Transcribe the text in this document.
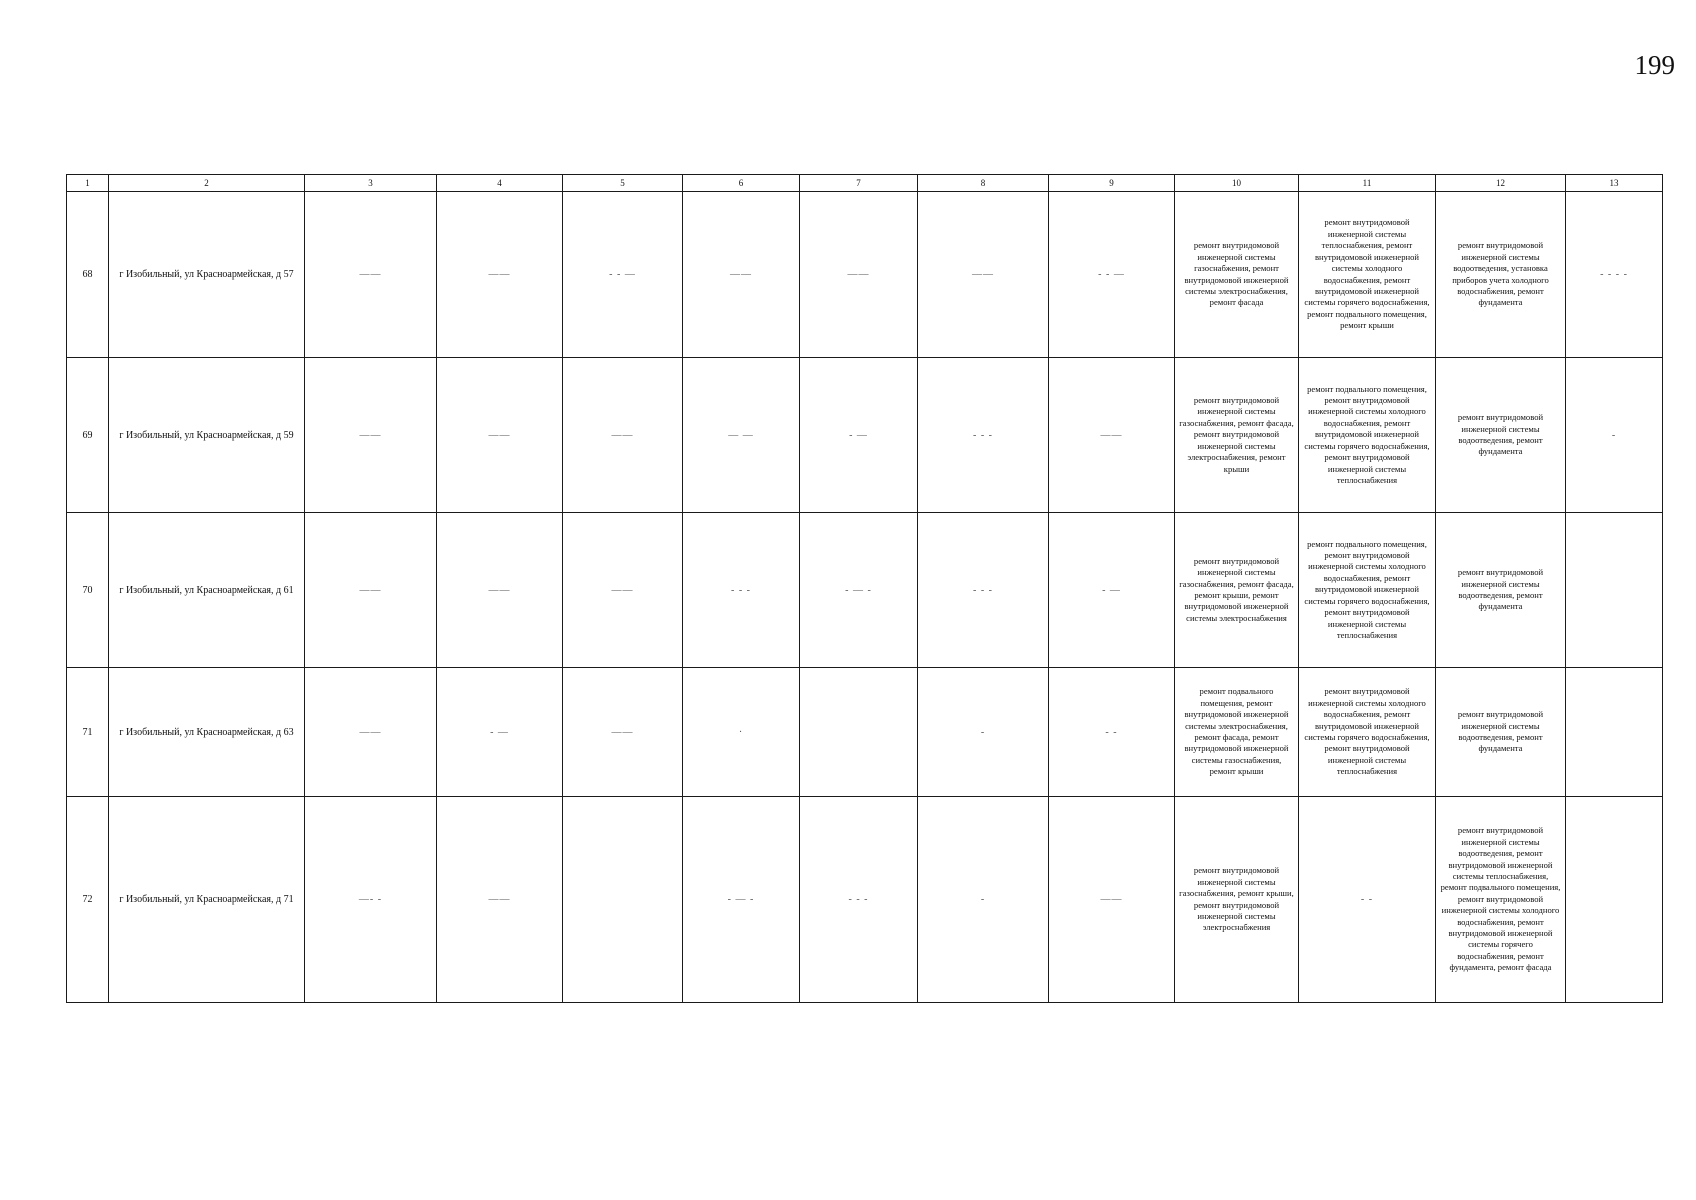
199
1	2	3	4	5	6	7	8	9	10	11	12	13
68	г Изобильный, ул Красноармейская, д 57	——	——	- - —	——	——	——	- - —	ремонт внутридомовой инженерной системы газоснабжения, ремонт внутридомовой инженерной системы электроснабжения, ремонт фасада	ремонт внутридомовой инженерной системы теплоснабжения, ремонт внутридомовой инженерной системы холодного водоснабжения, ремонт внутридомовой инженерной системы горячего водоснабжения, ремонт подвального помещения, ремонт крыши	ремонт внутридомовой инженерной системы водоотведения, установка приборов учета холодного водоснабжения, ремонт фундамента	- - - -
69	г Изобильный, ул Красноармейская, д 59	——	——	——	— —	- —	- - -	——	ремонт внутридомовой инженерной системы газоснабжения, ремонт фасада, ремонт внутридомовой инженерной системы электроснабжения, ремонт крыши	ремонт подвального помещения, ремонт внутридомовой инженерной системы холодного водоснабжения, ремонт внутридомовой инженерной системы горячего водоснабжения, ремонт внутридомовой инженерной системы теплоснабжения	ремонт внутридомовой инженерной системы водоотведения, ремонт фундамента	-
70	г Изобильный, ул Красноармейская, д 61	——	——	——	- - -	- — -	- - -	- —	ремонт внутридомовой инженерной системы газоснабжения, ремонт фасада, ремонт крыши, ремонт внутридомовой инженерной системы электроснабжения	ремонт подвального помещения, ремонт внутридомовой инженерной системы холодного водоснабжения, ремонт внутридомовой инженерной системы горячего водоснабжения, ремонт внутридомовой инженерной системы теплоснабжения	ремонт внутридомовой инженерной системы водоотведения, ремонт фундамента	
71	г Изобильный, ул Красноармейская, д 63	——	- —	——	·		-	- -	ремонт подвального помещения, ремонт внутридомовой инженерной системы электроснабжения, ремонт фасада, ремонт внутридомовой инженерной системы газоснабжения, ремонт крыши	ремонт внутридомовой инженерной системы холодного водоснабжения, ремонт внутридомовой инженерной системы горячего водоснабжения, ремонт внутридомовой инженерной системы теплоснабжения	ремонт внутридомовой инженерной системы водоотведения, ремонт фундамента	
72	г Изобильный, ул Красноармейская, д 71	—- -	——		- — -	- - -	-	——	ремонт внутридомовой инженерной системы газоснабжения, ремонт крыши, ремонт внутридомовой инженерной системы электроснабжения	- -	ремонт внутридомовой инженерной системы водоотведения, ремонт внутридомовой инженерной системы теплоснабжения, ремонт подвального помещения, ремонт внутридомовой инженерной системы холодного водоснабжения, ремонт внутридомовой инженерной системы горячего водоснабжения, ремонт фундамента, ремонт фасада	
